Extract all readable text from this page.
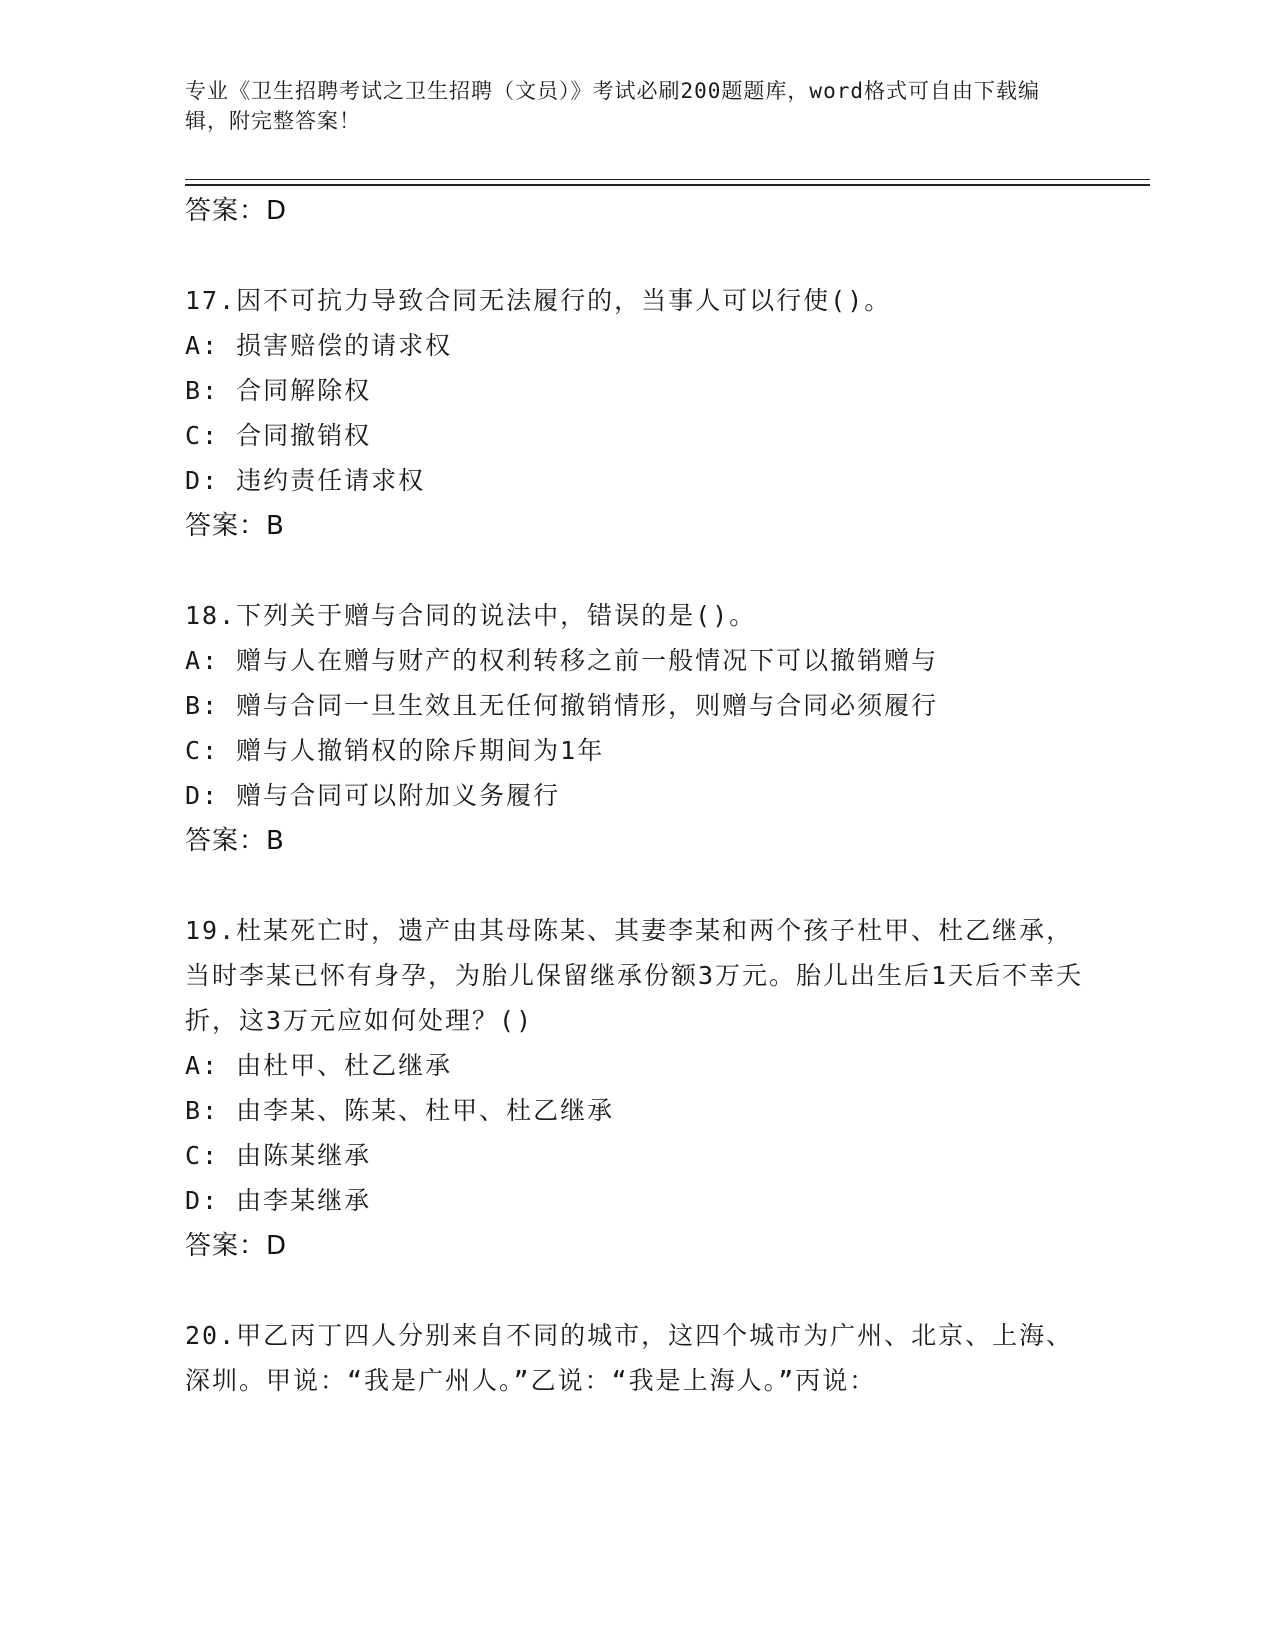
专业《卫生招聘考试之卫生招聘（文员）》考试必刷200题题库，word格式可自由下载编辑，附完整答案！
答案：D
17.因不可抗力导致合同无法履行的，当事人可以行使()。
A: 损害赔偿的请求权
B: 合同解除权
C: 合同撤销权
D: 违约责任请求权
答案：B
18.下列关于赠与合同的说法中，错误的是()。
A: 赠与人在赠与财产的权利转移之前一般情况下可以撤销赠与
B: 赠与合同一旦生效且无任何撤销情形，则赠与合同必须履行
C: 赠与人撤销权的除斥期间为1年
D: 赠与合同可以附加义务履行
答案：B
19.杜某死亡时，遗产由其母陈某、其妻李某和两个孩子杜甲、杜乙继承，当时李某已怀有身孕，为胎儿保留继承份额3万元。胎儿出生后1天后不幸夭折，这3万元应如何处理？()
A: 由杜甲、杜乙继承
B: 由李某、陈某、杜甲、杜乙继承
C: 由陈某继承
D: 由李某继承
答案：D
20.甲乙丙丁四人分别来自不同的城市，这四个城市为广州、北京、上海、深圳。甲说：“我是广州人。”乙说：“我是上海人。”丙说：
